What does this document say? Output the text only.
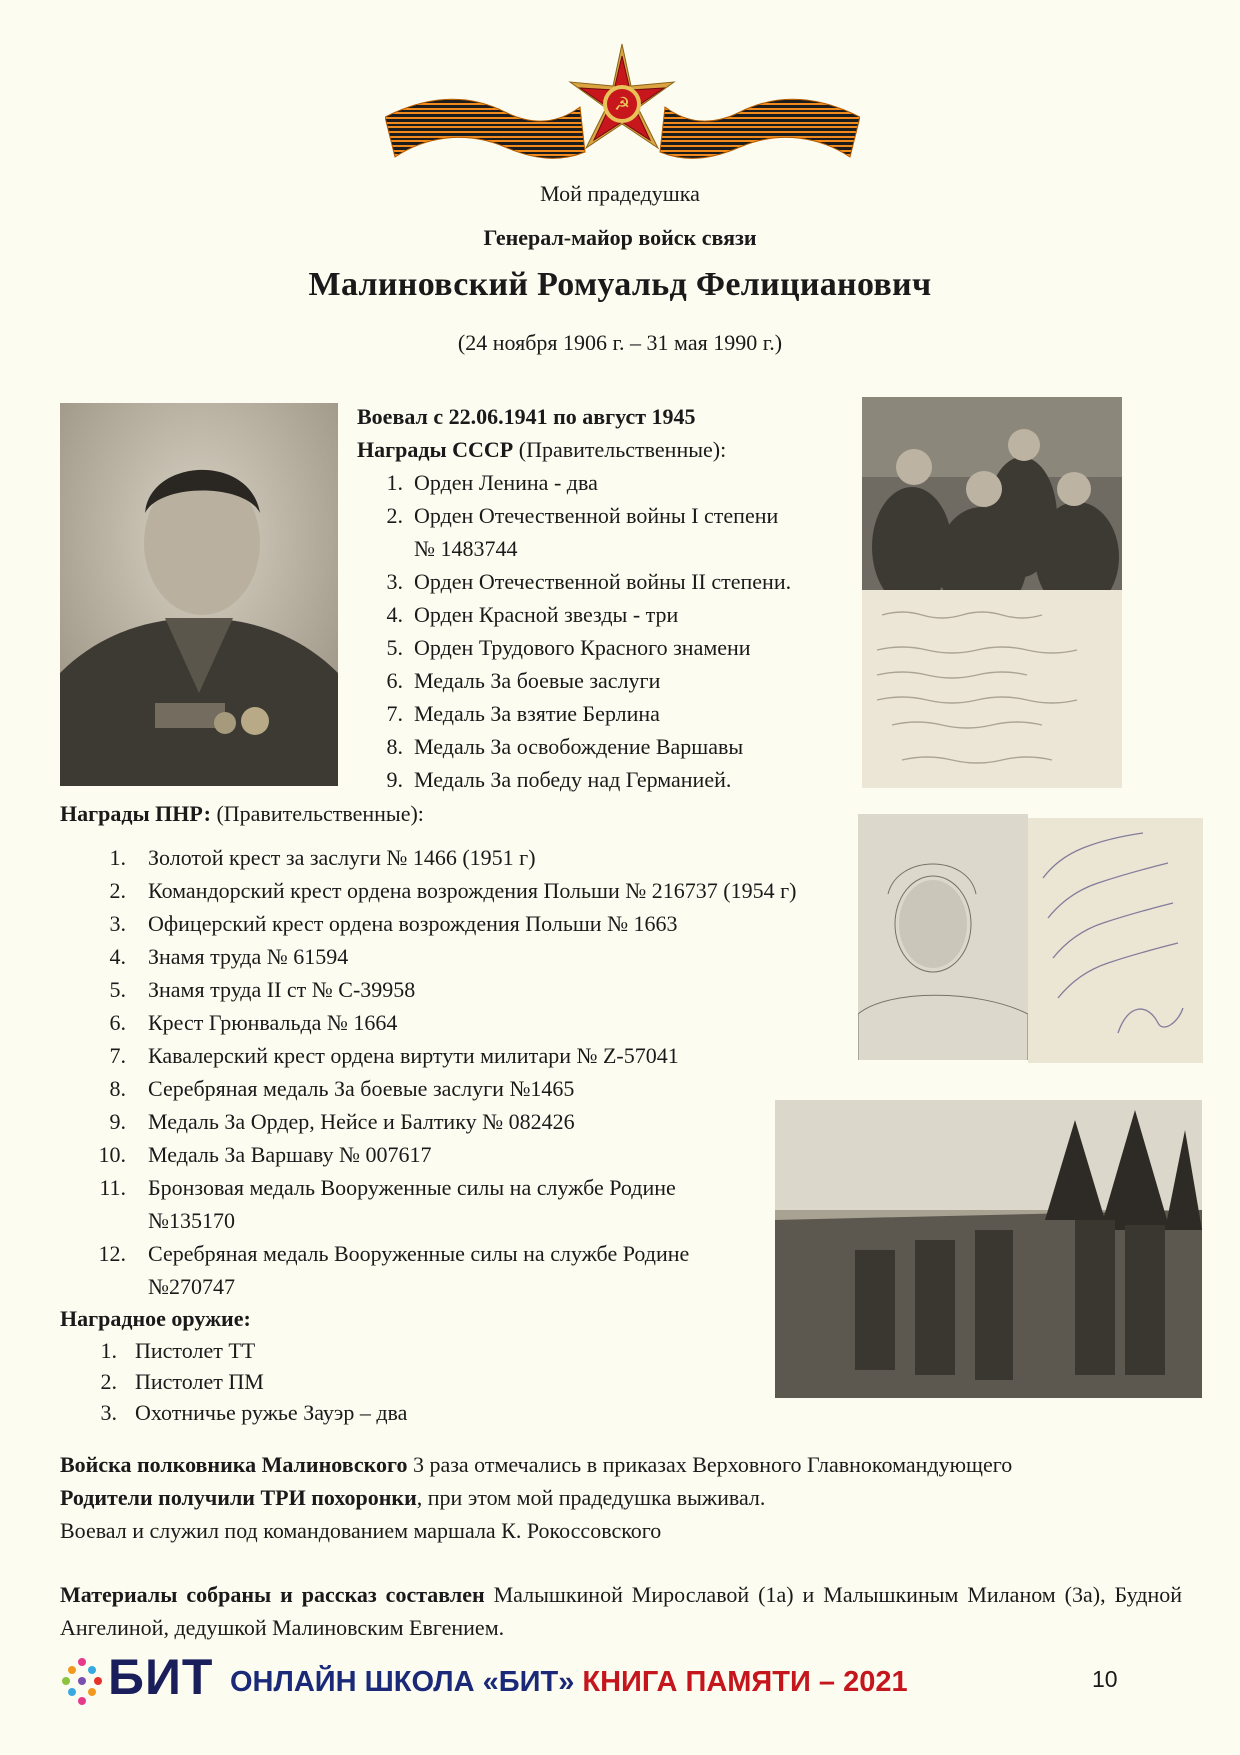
☭
Мой прадедушка
Генерал-майор войск связи
Малиновский Ромуальд Фелицианович
(24 ноября 1906 г. – 31 мая 1990 г.)
Воевал с 22.06.1941 по август 1945
Награды СССР (Правительственные):
1. Орден Ленина - два
2. Орден Отечественной войны I степени
№ 1483744
3. Орден Отечественной войны II степени.
4. Орден Красной звезды - три
5. Орден Трудового Красного знамени
6. Медаль За боевые заслуги
7. Медаль За взятие Берлина
8. Медаль За освобождение Варшавы
9. Медаль За победу над Германией.
Награды ПНР: (Правительственные):
1. Золотой крест за заслуги № 1466 (1951 г)
2. Командорский крест ордена возрождения Польши № 216737 (1954 г)
3. Офицерский крест ордена возрождения Польши № 1663
4. Знамя труда № 61594
5. Знамя труда II ст № C-39958
6. Крест Грюнвальда № 1664
7. Кавалерский крест ордена виртути милитари № Z-57041
8. Серебряная медаль За боевые заслуги №1465
9. Медаль За Ордер, Нейсе и Балтику № 082426
10. Медаль За Варшаву № 007617
11. Бронзовая медаль Вооруженные силы на службе Родине
№135170
12. Серебряная медаль Вооруженные силы на службе Родине
№270747
Наградное оружие:
1. Пистолет ТТ
2. Пистолет ПМ
3. Охотничье ружье Зауэр – два
Войска полковника Малиновского 3 раза отмечались в приказах Верховного Главнокомандующего
Родители получили ТРИ похоронки, при этом мой прадедушка выживал.
Воевал и служил под командованием маршала К. Рокоссовского
Материалы собраны и рассказ составлен Малышкиной Мирославой (1а) и Малышкиным Миланом (3а), Будной Ангелиной, дедушкой Малиновским Евгением.
БИТ ОНЛАЙН ШКОЛА «БИТ» КНИГА ПАМЯТИ – 2021	10
